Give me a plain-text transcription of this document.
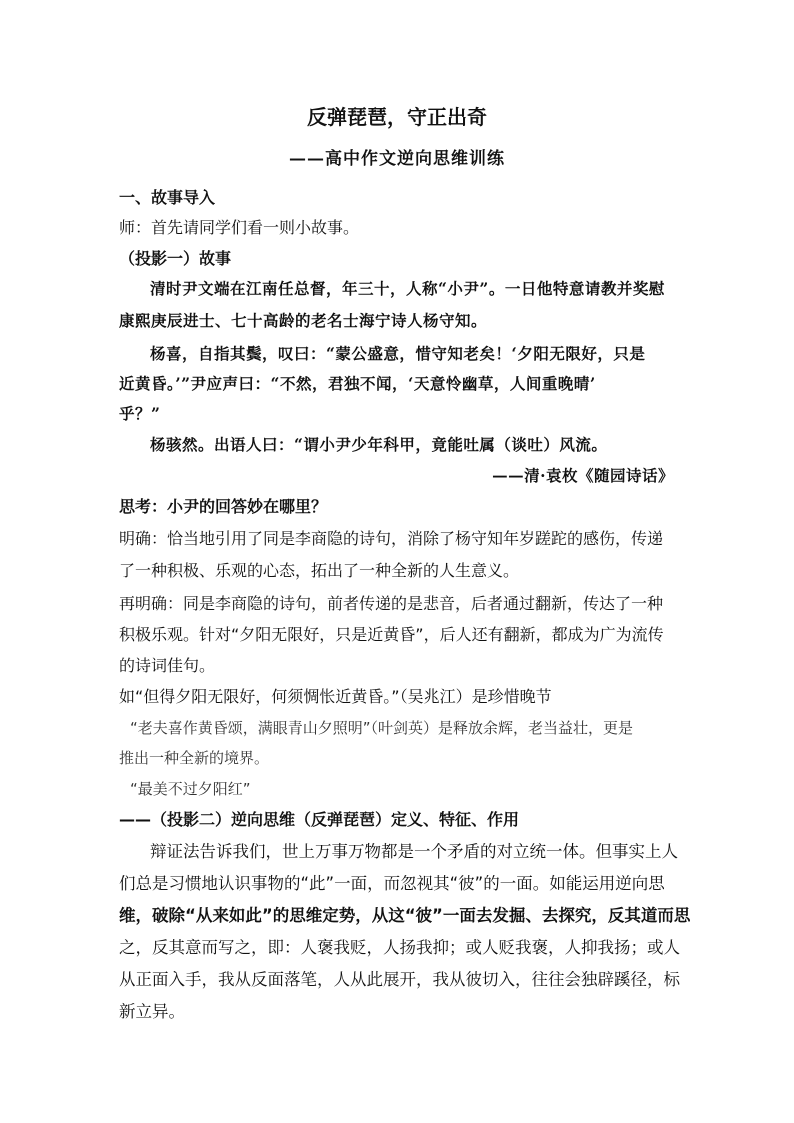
反弹琵琶，守正出奇
——高中作文逆向思维训练
一、故事导入
师：首先请同学们看一则小故事。
（投影一）故事
清时尹文端在江南任总督，年三十，人称“小尹”。一日他特意请教并奖慰
康熙庚辰进士、七十高龄的老名士海宁诗人杨守知。
杨喜，自指其鬓，叹曰：“蒙公盛意，惜守知老矣！‘夕阳无限好，只是
近黄昏。’”尹应声曰：“不然，君独不闻，‘天意怜幽草，人间重晚晴’
乎？”
杨骇然。出语人曰：“谓小尹少年科甲，竟能吐属（谈吐）风流。
——清·袁枚《随园诗话》
思考：小尹的回答妙在哪里？
明确：恰当地引用了同是李商隐的诗句，消除了杨守知年岁蹉跎的感伤，传递
了一种积极、乐观的心态，拓出了一种全新的人生意义。
再明确：同是李商隐的诗句，前者传递的是悲音，后者通过翻新，传达了一种
积极乐观。针对“夕阳无限好，只是近黄昏”，后人还有翻新，都成为广为流传
的诗词佳句。
如“但得夕阳无限好，何须惆怅近黄昏。”（吴兆江）是珍惜晚节
“老夫喜作黄昏颂，满眼青山夕照明”（叶剑英）是释放余辉，老当益壮，更是
推出一种全新的境界。
“最美不过夕阳红”
——（投影二）逆向思维（反弹琵琶）定义、特征、作用
辩证法告诉我们，世上万事万物都是一个矛盾的对立统一体。但事实上人
们总是习惯地认识事物的“此”一面，而忽视其“彼”的一面。如能运用逆向思
维，破除“从来如此”的思维定势，从这“彼”一面去发掘、去探究，反其道而思
之，反其意而写之，即：人褒我贬，人扬我抑；或人贬我褒，人抑我扬；或人
从正面入手，我从反面落笔，人从此展开，我从彼切入，往往会独辟蹊径，标
新立异。
